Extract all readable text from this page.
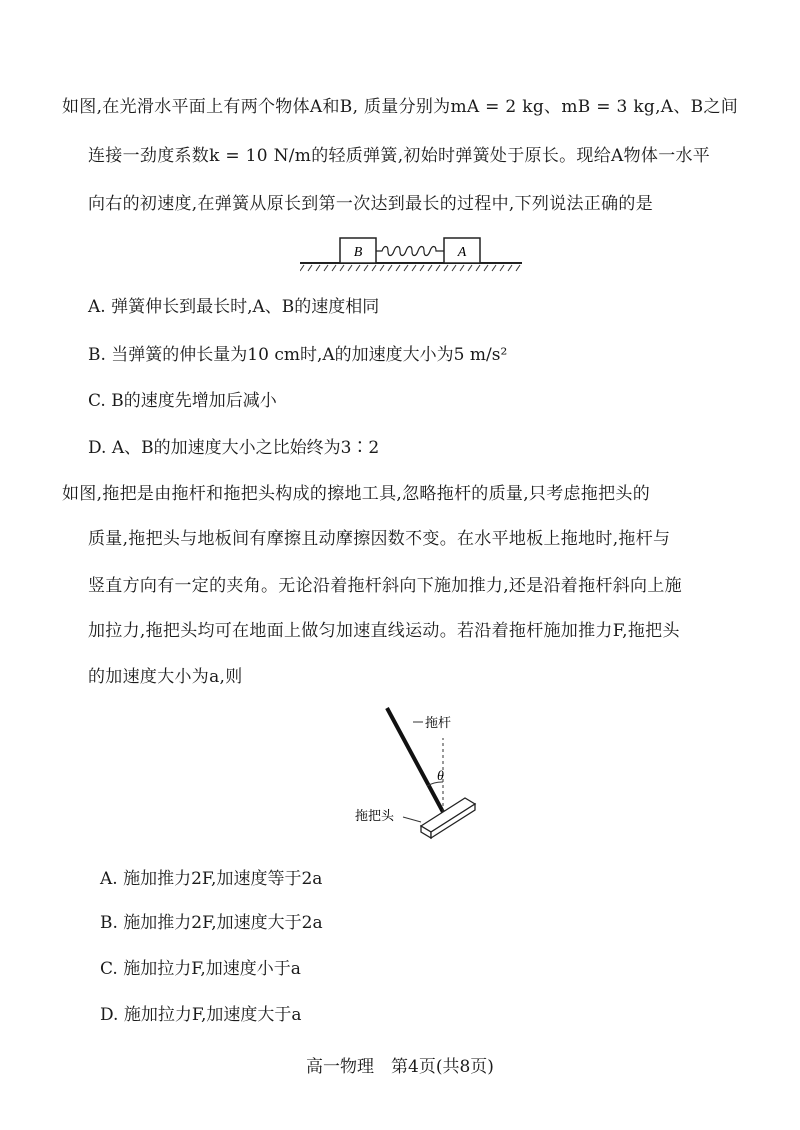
如图,在光滑水平面上有两个物体A和B, 质量分别为mA = 2 kg、mB = 3 kg,A、B之间
连接一劲度系数k = 10 N/m的轻质弹簧,初始时弹簧处于原长。现给A物体一水平
向右的初速度,在弹簧从原长到第一次达到最长的过程中,下列说法正确的是
B	A
A. 弹簧伸长到最长时,A、B的速度相同
B. 当弹簧的伸长量为10 cm时,A的加速度大小为5 m/s²
C. B的速度先增加后减小
D. A、B的加速度大小之比始终为3∶2
如图,拖把是由拖杆和拖把头构成的擦地工具,忽略拖杆的质量,只考虑拖把头的
质量,拖把头与地板间有摩擦且动摩擦因数不变。在水平地板上拖地时,拖杆与
竖直方向有一定的夹角。无论沿着拖杆斜向下施加推力,还是沿着拖杆斜向上施
加拉力,拖把头均可在地面上做匀加速直线运动。若沿着拖杆施加推力F,拖把头
的加速度大小为a,则
θ
拖杆
拖把头
A. 施加推力2F,加速度等于2a
B. 施加推力2F,加速度大于2a
C. 施加拉力F,加速度小于a
D. 施加拉力F,加速度大于a
高一物理　第4页(共8页)
